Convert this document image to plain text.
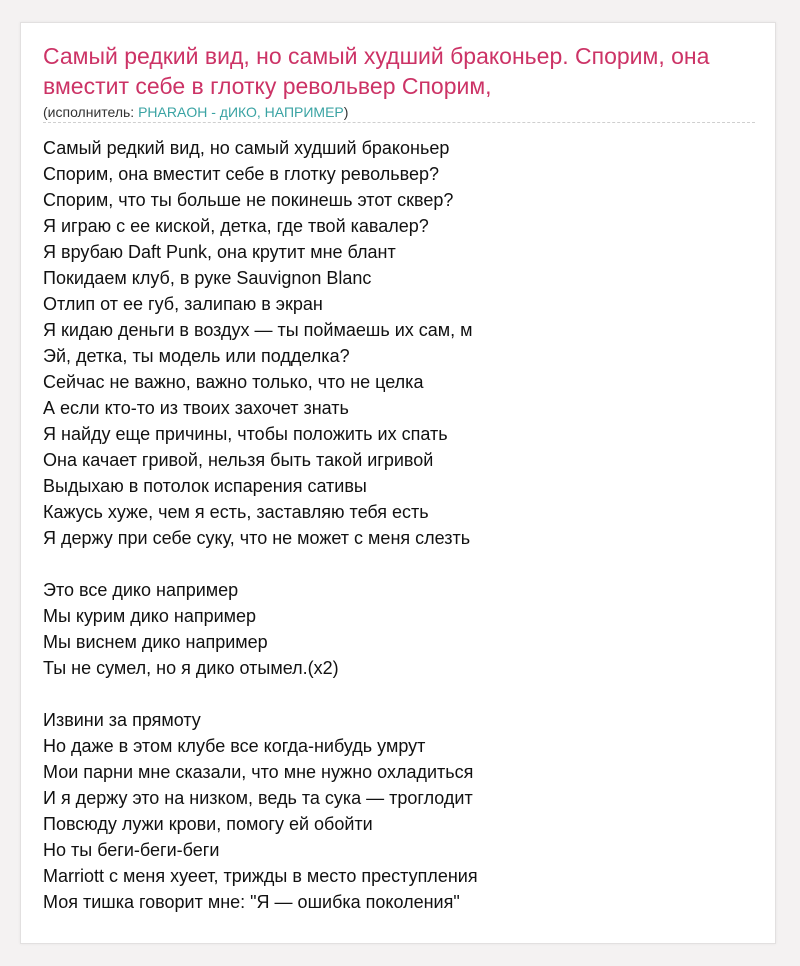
Самый редкий вид, но самый худший браконьер. Спорим, она вместит себе в глотку револьвер Спорим,
(исполнитель: PHARAOH - дИКО, НАПРИМЕР)
Самый редкий вид, но самый худший браконьер
Спорим, она вместит себе в глотку револьвер?
Спорим, что ты больше не покинешь этот сквер?
Я играю с ее киской, детка, где твой кавалер?
Я врубаю Daft Punk, она крутит мне блант
Покидаем клуб, в руке Sauvignon Blanc
Отлип от ее губ, залипаю в экран
Я кидаю деньги в воздух — ты поймаешь их сам, м
Эй, детка, ты модель или подделка?
Сейчас не важно, важно только, что не целка
А если кто-то из твоих захочет знать
Я найду еще причины, чтобы положить их спать
Она качает гривой, нельзя быть такой игривой
Выдыхаю в потолок испарения сативы
Кажусь хуже, чем я есть, заставляю тебя есть
Я держу при себе суку, что не может с меня слезть
Это все дико например
Мы курим дико например
Мы виснем дико например
Ты не сумел, но я дико отымел.(x2)
Извини за прямоту
Но даже в этом клубе все когда-нибудь умрут
Мои парни мне сказали, что мне нужно охладиться
И я держу это на низком, ведь та сука — троглодит
Повсюду лужи крови, помогу ей обойти
Но ты беги-беги-беги
Marriott с меня хуеет, трижды в место преступления
Моя тишка говорит мне: "Я — ошибка поколения"
